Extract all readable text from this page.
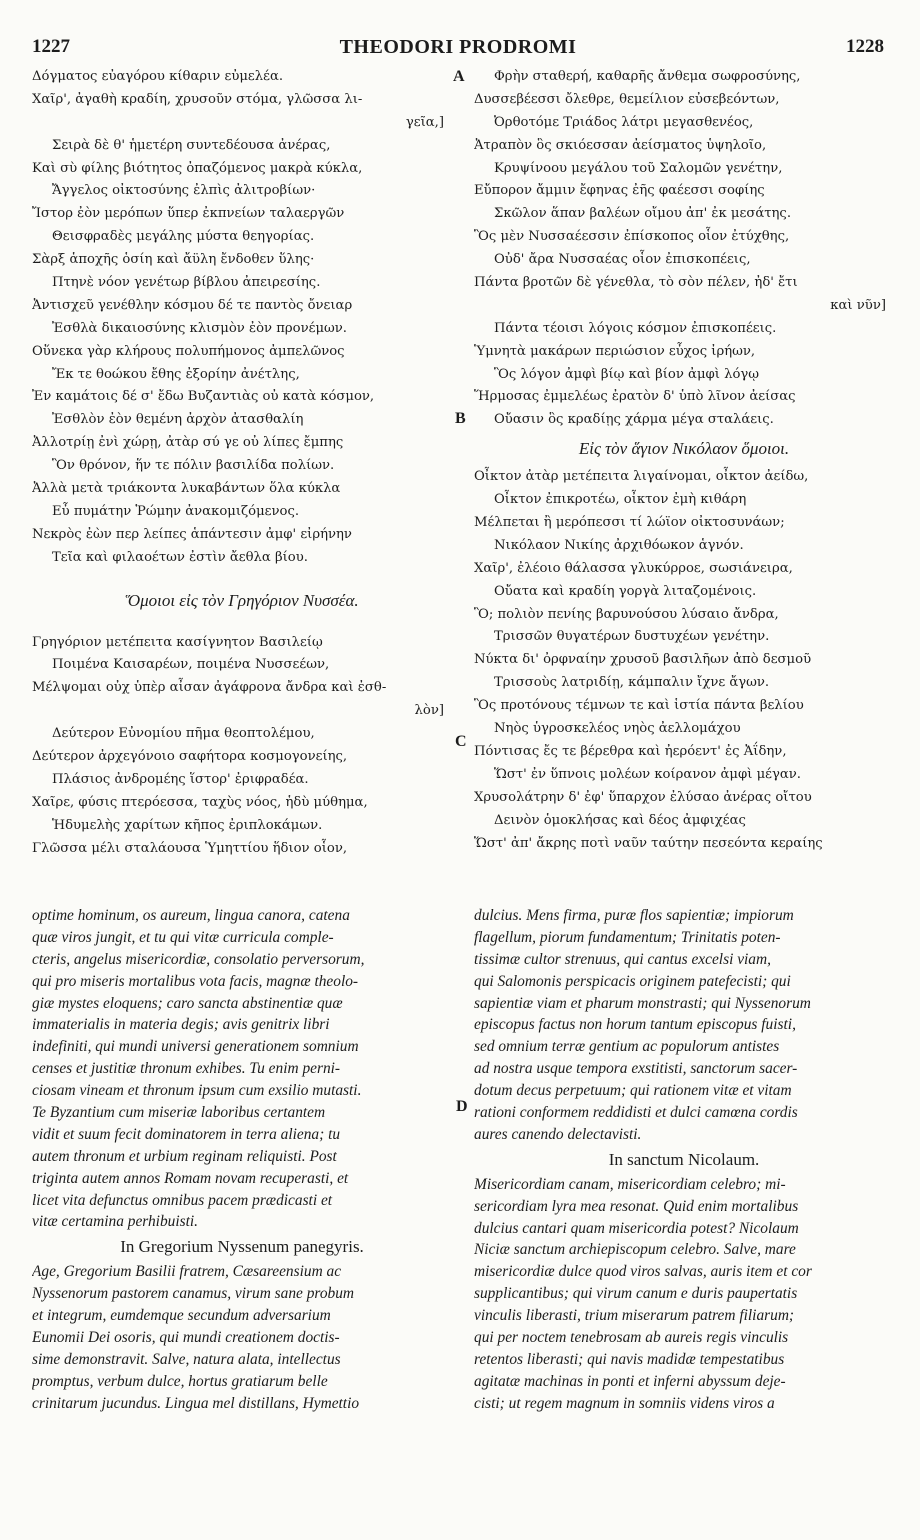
1227	THEODORI PRODROMI	1228
A
B
C
D
Δόγματος εὐαγόρου κίθαριν εὐμελέα.
Χαῖρ', ἀγαθὴ κραδίη, χρυσοῦν στόμα, γλῶσσα λι-
γεῖα,]
Σειρὰ δὲ θ' ἡμετέρη συντεδέουσα ἀνέρας,
Καὶ σὺ φίλης βιότητος ὀπαζόμενος μακρὰ κύκλα,
Ἄγγελος οἰκτοσύνης ἐλπὶς ἀλιτροβίων·
Ἴστορ ἐὸν μερόπων ὕπερ ἐκπνείων ταλαεργῶν
Θεισφραδὲς μεγάλης μύστα θεηγορίας.
Σὰρξ ἁποχῆς ὁσίη καὶ ἄϋλη ἔνδοθεν ὕλης·
Πτηνὲ νόον γενέτωρ βίβλου ἀπειρεσίης.
Ἀντισχεῦ γενέθλην κόσμου δέ τε παντὸς ὄνειαρ
Ἐσθλὰ δικαιοσύνης κλισμὸν ἐὸν προνέμων.
Οὕνεκα γὰρ κλήρους πολυπήμονος ἀμπελῶνος
Ἔκ τε θοώκου ἔθης ἐξορίην ἀνέτλης,
Ἐν καμάτοις δέ σ' ἔδω Βυζαντιὰς οὐ κατὰ κόσμον,
Ἐσθλὸν ἐὸν θεμένη ἀρχὸν ἀτασθαλίη
Ἀλλοτρίῃ ἐνὶ χώρῃ, ἀτὰρ σύ γε οὐ λίπες ἔμπης
Ὃν θρόνον, ἥν τε πόλιν βασιλίδα πολίων.
Ἀλλὰ μετὰ τριάκοντα λυκαβάντων ὅλα κύκλα
Εὖ πυμάτην Ῥώμην ἀνακομιζόμενος.
Νεκρὸς ἐὼν περ λείπες ἁπάντεσιν ἀμφ' εἰρήνην
Τεῖα καὶ φιλαοέτων ἐστὶν ἄεθλα βίου.
Ὅμοιοι εἰς τὸν Γρηγόριον Νυσσέα.
Γρηγόριον μετέπειτα κασίγνητον Βασιλείῳ
Ποιμένα Καισαρέων, ποιμένα Νυσσεέων,
Μέλψομαι οὐχ ὑπὲρ αἶσαν ἀγάφρονα ἄνδρα καὶ ἐσθ-
λὸν]
Δεύτερον Εὐνομίου πῆμα θεοπτολέμου,
Δεύτερον ἀρχεγόνοιο σαφήτορα κοσμογονείης,
Πλάσιος ἀνδρομέης ἵστορ' ἐριφραδέα.
Χαῖρε, φύσις πτερόεσσα, ταχὺς νόος, ἡδὺ μύθημα,
Ἡδυμελὴς χαρίτων κῆπος ἐριπλοκάμων.
Γλῶσσα μέλι σταλάουσα Ὑμηττίου ἥδιον οἷον,
Φρὴν σταθερή, καθαρῆς ἄνθεμα σωφροσύνης,
Δυσσεβέεσσι ὄλεθρε, θεμείλιον εὐσεβεόντων,
Ὀρθοτόμε Τριάδος λάτρι μεγασθενέος,
Ἀτραπὸν ὃς σκιόεσσαν ἀείσματος ὑψηλοῖο,
Κρυψίνοου μεγάλου τοῦ Σαλομῶν γενέτην,
Εὔπορον ἄμμιν ἔφηνας ἐῆς φαέεσσι σοφίης
Σκῶλον ἅπαν βαλέων οἴμου ἀπ' ἐκ μεσάτης.
Ὃς μὲν Νυσσαέεσσιν ἐπίσκοπος οἷον ἐτύχθης,
Οὐδ' ἄρα Νυσσαέας οἷον ἐπισκοπέεις,
Πάντα βροτῶν δὲ γένεθλα, τὸ σὸν πέλεν, ἠδ' ἔτι
καὶ νῦν]
Πάντα τέοισι λόγοις κόσμον ἐπισκοπέεις.
Ὑμνητὰ μακάρων περιώσιον εὖχος ἰρήων,
Ὃς λόγον ἀμφὶ βίῳ καὶ βίον ἀμφὶ λόγῳ
Ἥρμοσας ἐμμελέως ἐρατὸν δ' ὑπὸ λῖνον ἀείσας
Οὔασιν ὃς κραδίῃς χάρμα μέγα σταλάεις.
Εἰς τὸν ἅγιον Νικόλαον ὅμοιοι.
Οἶκτον ἀτὰρ μετέπειτα λιγαίνομαι, οἶκτον ἀείδω,
Οἶκτον ἐπικροτέω, οἶκτον ἐμὴ κιθάρη
Μέλπεται ἢ μερόπεσσι τί λώϊον οἰκτοσυνάων;
Νικόλαον Νικίης ἀρχιθόωκον ἁγνόν.
Χαῖρ', ἐλέοιο θάλασσα γλυκύρροε, σωσιάνειρα,
Οὔατα καὶ κραδίη γοργὰ λιταζομένοις.
Ὃ; πολιὸν πενίης βαρυνούσου λύσαιο ἄνδρα,
Τρισσῶν θυγατέρων δυστυχέων γενέτην.
Νύκτα δι' ὀρφναίην χρυσοῦ βασιλῆων ἀπὸ δεσμοῦ
Τρισσοὺς λατριδίῃ, κάμπαλιν ἴχνε ἄγων.
Ὃς προτόνους τέμνων τε καὶ ἱστία πάντα βελίου
Νηὸς ὑγροσκελέος νηὸς ἀελλομάχου
Πόντισας ἔς τε βέρεθρα καὶ ἠερόεντ' ἐς Ἀΐδην,
Ὥστ' ἐν ὕπνοις μολέων κοίρανον ἀμφὶ μέγαν.
Χρυσολάτρην δ' ἐφ' ὕπαρχον ἐλύσαο ἀνέρας οἴτου
Δεινὸν ὁμοκλήσας καὶ δέος ἀμφιχέας
Ὥστ' ἀπ' ἄκρης ποτὶ ναῦν ταύτην πεσεόντα κεραίης
optime hominum, os aureum, lingua canora, catena
quæ viros jungit, et tu qui vitæ curricula comple-
cteris, angelus misericordiæ, consolatio perversorum,
qui pro miseris mortalibus vota facis, magnæ theolo-
giæ mystes eloquens; caro sancta abstinentiæ quæ
immaterialis in materia degis; avis genitrix libri
indefiniti, qui mundi universi generationem somnium
censes et justitiæ thronum exhibes. Tu enim perni-
ciosam vineam et thronum ipsum cum exsilio mutasti.
Te Byzantium cum miseriæ laboribus certantem
vidit et suum fecit dominatorem in terra aliena; tu
autem thronum et urbium reginam reliquisti. Post
triginta autem annos Romam novam recuperasti, et
licet vita defunctus omnibus pacem prædicasti et
vitæ certamina perhibuisti.
In Gregorium Nyssenum panegyris.
Age, Gregorium Basilii fratrem, Cæsareensium ac
Nyssenorum pastorem canamus, virum sane probum
et integrum, eumdemque secundum adversarium
Eunomii Dei osoris, qui mundi creationem doctis-
sime demonstravit. Salve, natura alata, intellectus
promptus, verbum dulce, hortus gratiarum belle
crinitarum jucundus. Lingua mel distillans, Hymettio
dulcius. Mens firma, puræ flos sapientiæ; impiorum
flagellum, piorum fundamentum; Trinitatis poten-
tissimæ cultor strenuus, qui cantus excelsi viam,
qui Salomonis perspicacis originem patefecisti; qui
sapientiæ viam et pharum monstrasti; qui Nyssenorum
episcopus factus non horum tantum episcopus fuisti,
sed omnium terræ gentium ac populorum antistes
ad nostra usque tempora exstitisti, sanctorum sacer-
dotum decus perpetuum; qui rationem vitæ et vitam
rationi conformem reddidisti et dulci camœna cordis
aures canendo delectavisti.
In sanctum Nicolaum.
Misericordiam canam, misericordiam celebro; mi-
sericordiam lyra mea resonat. Quid enim mortalibus
dulcius cantari quam misericordia potest? Nicolaum
Niciæ sanctum archiepiscopum celebro. Salve, mare
misericordiæ dulce quod viros salvas, auris item et cor
supplicantibus; qui virum canum e duris paupertatis
vinculis liberasti, trium miserarum patrem filiarum;
qui per noctem tenebrosam ab aureis regis vinculis
retentos liberasti; qui navis madidæ tempestatibus
agitatæ machinas in ponti et inferni abyssum deje-
cisti; ut regem magnum in somniis videns viros a
